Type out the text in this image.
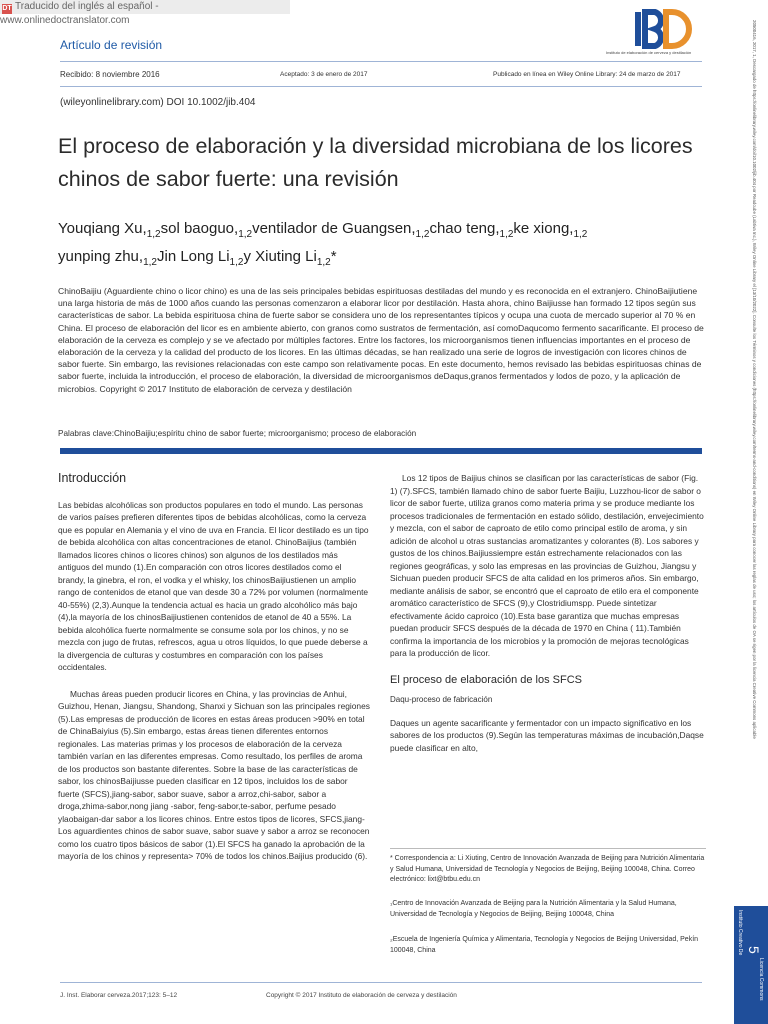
DT Traducido del inglés al español - www.onlinedoctranslator.com
Artículo de revisión
Instituto de elaboración de cerveza y destilación
Recibido: 8 noviembre 2016	Aceptado: 3 de enero de 2017	Publicado en línea en Wiley Online Library: 24 de marzo de 2017
(wileyonlinelibrary.com) DOI 10.1002/jib.404
El proceso de elaboración y la diversidad microbiana de los licores chinos de sabor fuerte: una revisión
Youqiang $Xu,_{1,2}sol$ $baoguo,_{1,2}ventilador$ de $Guangsen,_{1,2}chao$ $teng,_{1,2}ke$ $xiong,_{1,2}$
yunping $zhu,_{1,2}Jin$ Long $Li_{1,2}y$ Xiuting $Li_{1,2}*$

ChinoBaijiu (Aguardiente chino o licor chino) es una de las seis principales bebidas espirituosas destiladas del mundo y es reconocida en el extranjero. ChinoBaijiutiene una larga historia de más de 1000 años cuando las personas comenzaron a elaborar licor por destilación. Hasta ahora, chino Baijiusse han formado 12 tipos según sus características de sabor. La bebida espirituosa china de fuerte sabor se considera uno de los representantes típicos y ocupa una cuota de mercado superior al 70 % en China. El proceso de elaboración del licor es en ambiente abierto, con granos como sustratos de fermentación, así comoDaqucomo fermento sacarificante. El proceso de elaboración de la cerveza es complejo y se ve afectado por múltiples factores. Entre los factores, los microorganismos tienen influencias importantes en el proceso de elaboración de la cerveza y la calidad del producto de los licores. En las últimas décadas, se han realizado una serie de logros de investigación con licores chinos de sabor fuerte. Sin embargo, las revisiones relacionadas con este campo son relativamente pocas. En este documento, hemos revisado las bebidas espirituosas chinas de sabor fuerte, incluida la introducción, el proceso de elaboración, la diversidad de microorganismos deDaqus,granos fermentados y lodos de pozo, y la aplicación de microbios. Copyright © 2017 Instituto de elaboración de cerveza y destilación

Palabras clave:ChinoBaijiu;espíritu chino de sabor fuerte; microorganismo; proceso de elaboración
Introducción

Las bebidas alcohólicas son productos populares en todo el mundo. Las personas de varios países prefieren diferentes tipos de bebidas alcohólicas, como la cerveza que es popular en Alemania y el vino de uva en Francia. El licor destilado es un tipo de bebida alcohólica con altas concentraciones de etanol. ChinoBaijius (también llamados licores chinos o licores chinos) son algunos de los destilados más antiguos del mundo (1).En comparación con otros licores destilados como el brandy, la ginebra, el ron, el vodka y el whisky, los chinosBaijiustienen un amplio rango de contenidos de etanol que van desde 30 a 72% por volumen (normalmente 40-55%) (2,3).Aunque la tendencia actual es hacia un grado alcohólico más bajo (4),la mayoría de los chinosBaijiustienen contenidos de etanol de 40 a 55%. La bebida alcohólica fuerte normalmente se consume sola por los chinos, y no se mezcla con jugo de frutas, refrescos, agua u otros líquidos, lo que puede deberse a la divergencia de culturas y costumbres en comparación con los países occidentales.

Muchas áreas pueden producir licores en China, y las provincias de Anhui, Guizhou, Henan, Jiangsu, Shandong, Shanxi y Sichuan son las principales regiones (5).Las empresas de producción de licores en estas áreas producen >90% en total de ChinaBaiyius (5).Sin embargo, estas áreas tienen diferentes entornos regionales. Las materias primas y los procesos de elaboración de la cerveza también varían en las diferentes empresas. Como resultado, los perfiles de aroma de los productos son bastante diferentes. Sobre la base de las características de sabor, los chinosBaijiusse pueden clasificar en 12 tipos, incluidos los de sabor fuerte (SFCS),jiang-sabor, sabor suave, sabor a arroz,chi-sabor, sabor a droga,zhima-sabor,nong jiang -sabor, feng-sabor,te-sabor, perfume pesado ylaobaigan-dar sabor a los licores chinos. Entre estos tipos de licores, SFCS,jiang-Los aguardientes chinos de sabor suave, sabor suave y sabor a arroz se reconocen como los cuatro tipos básicos de sabor (1).El SFCS ha ganado la aprobación de la mayoría de los chinos y representa> 70% de todos los chinos.Baijius producido (6).

Los 12 tipos de Baijius chinos se clasifican por las características de sabor (Fig. 1) (7).SFCS, también llamado chino de sabor fuerte Baijiu, Luzzhou-licor de sabor o licor de sabor fuerte, utiliza granos como materia prima y se produce mediante los procesos tradicionales de fermentación en estado sólido, destilación, envejecimiento y mezcla, con el sabor de caproato de etilo como principal estilo de aroma, y sin adición de alcohol u otras sustancias aromatizantes y colorantes (8). Los sabores y gustos de los chinos.Baijiussiempre están estrechamente relacionados con las regiones geográficas, y solo las empresas en las provincias de Guizhou, Jiangsu y Sichuan pueden producir SFCS de alta calidad en los primeros años. Sin embargo, mediante análisis de sabor, se encontró que el caproato de etilo era el componente aromático característico de SFCS (9),y Clostridiumspp. Puede sintetizar efectivamente ácido caproico (10).Esta base garantiza que muchas empresas puedan producir SFCS después de la década de 1970 en China ( 11).También confirma la importancia de los microbios y la promoción de mejoras tecnológicas para la producción de licor.

El proceso de elaboración de los SFCS
Daqu-proceso de fabricación

Daques un agente sacarificante y fermentador con un impacto significativo en los sabores de los productos (9).Según las temperaturas máximas de incubación,Daqse puede clasificar en alto,

* Correspondencia a: Li Xiuting, Centro de Innovación Avanzada de Beijing para Nutrición Alimentaria y Salud Humana, Universidad de Tecnología y Negocios de Beijing, Beijing 100048, China. Correo electrónico: lixt@btbu.edu.cn
₁Centro de Innovación Avanzada de Beijing para la Nutrición Alimentaria y la Salud Humana, Universidad de Tecnología y Negocios de Beijing, Beijing 100048, China
₂Escuela de Ingeniería Química y Alimentaria, Tecnología y Negocios de Beijing Universidad, Pekín 100048, China
J. Inst. Elaborar cerveza.2017;123: 5–12	Copyright © 2017 Instituto de elaboración de cerveza y destilación
20500416, 2017, 1, Descargado de https://onlinelibrary.wiley.com/doi/10.1002/jib.404 por Readcube (Labtiva Inc.), Wiley Online Library el [13/10/2022]. Consulte los Términos y condiciones (https://onlinelibrary.wiley.com/terms-and-conditions) en Wiley Online Library para conocer las reglas de uso; los artículos de OA se rigen por la licencia Creative Commons aplicable
Instituto Creativo De 5
Licencia Commons
